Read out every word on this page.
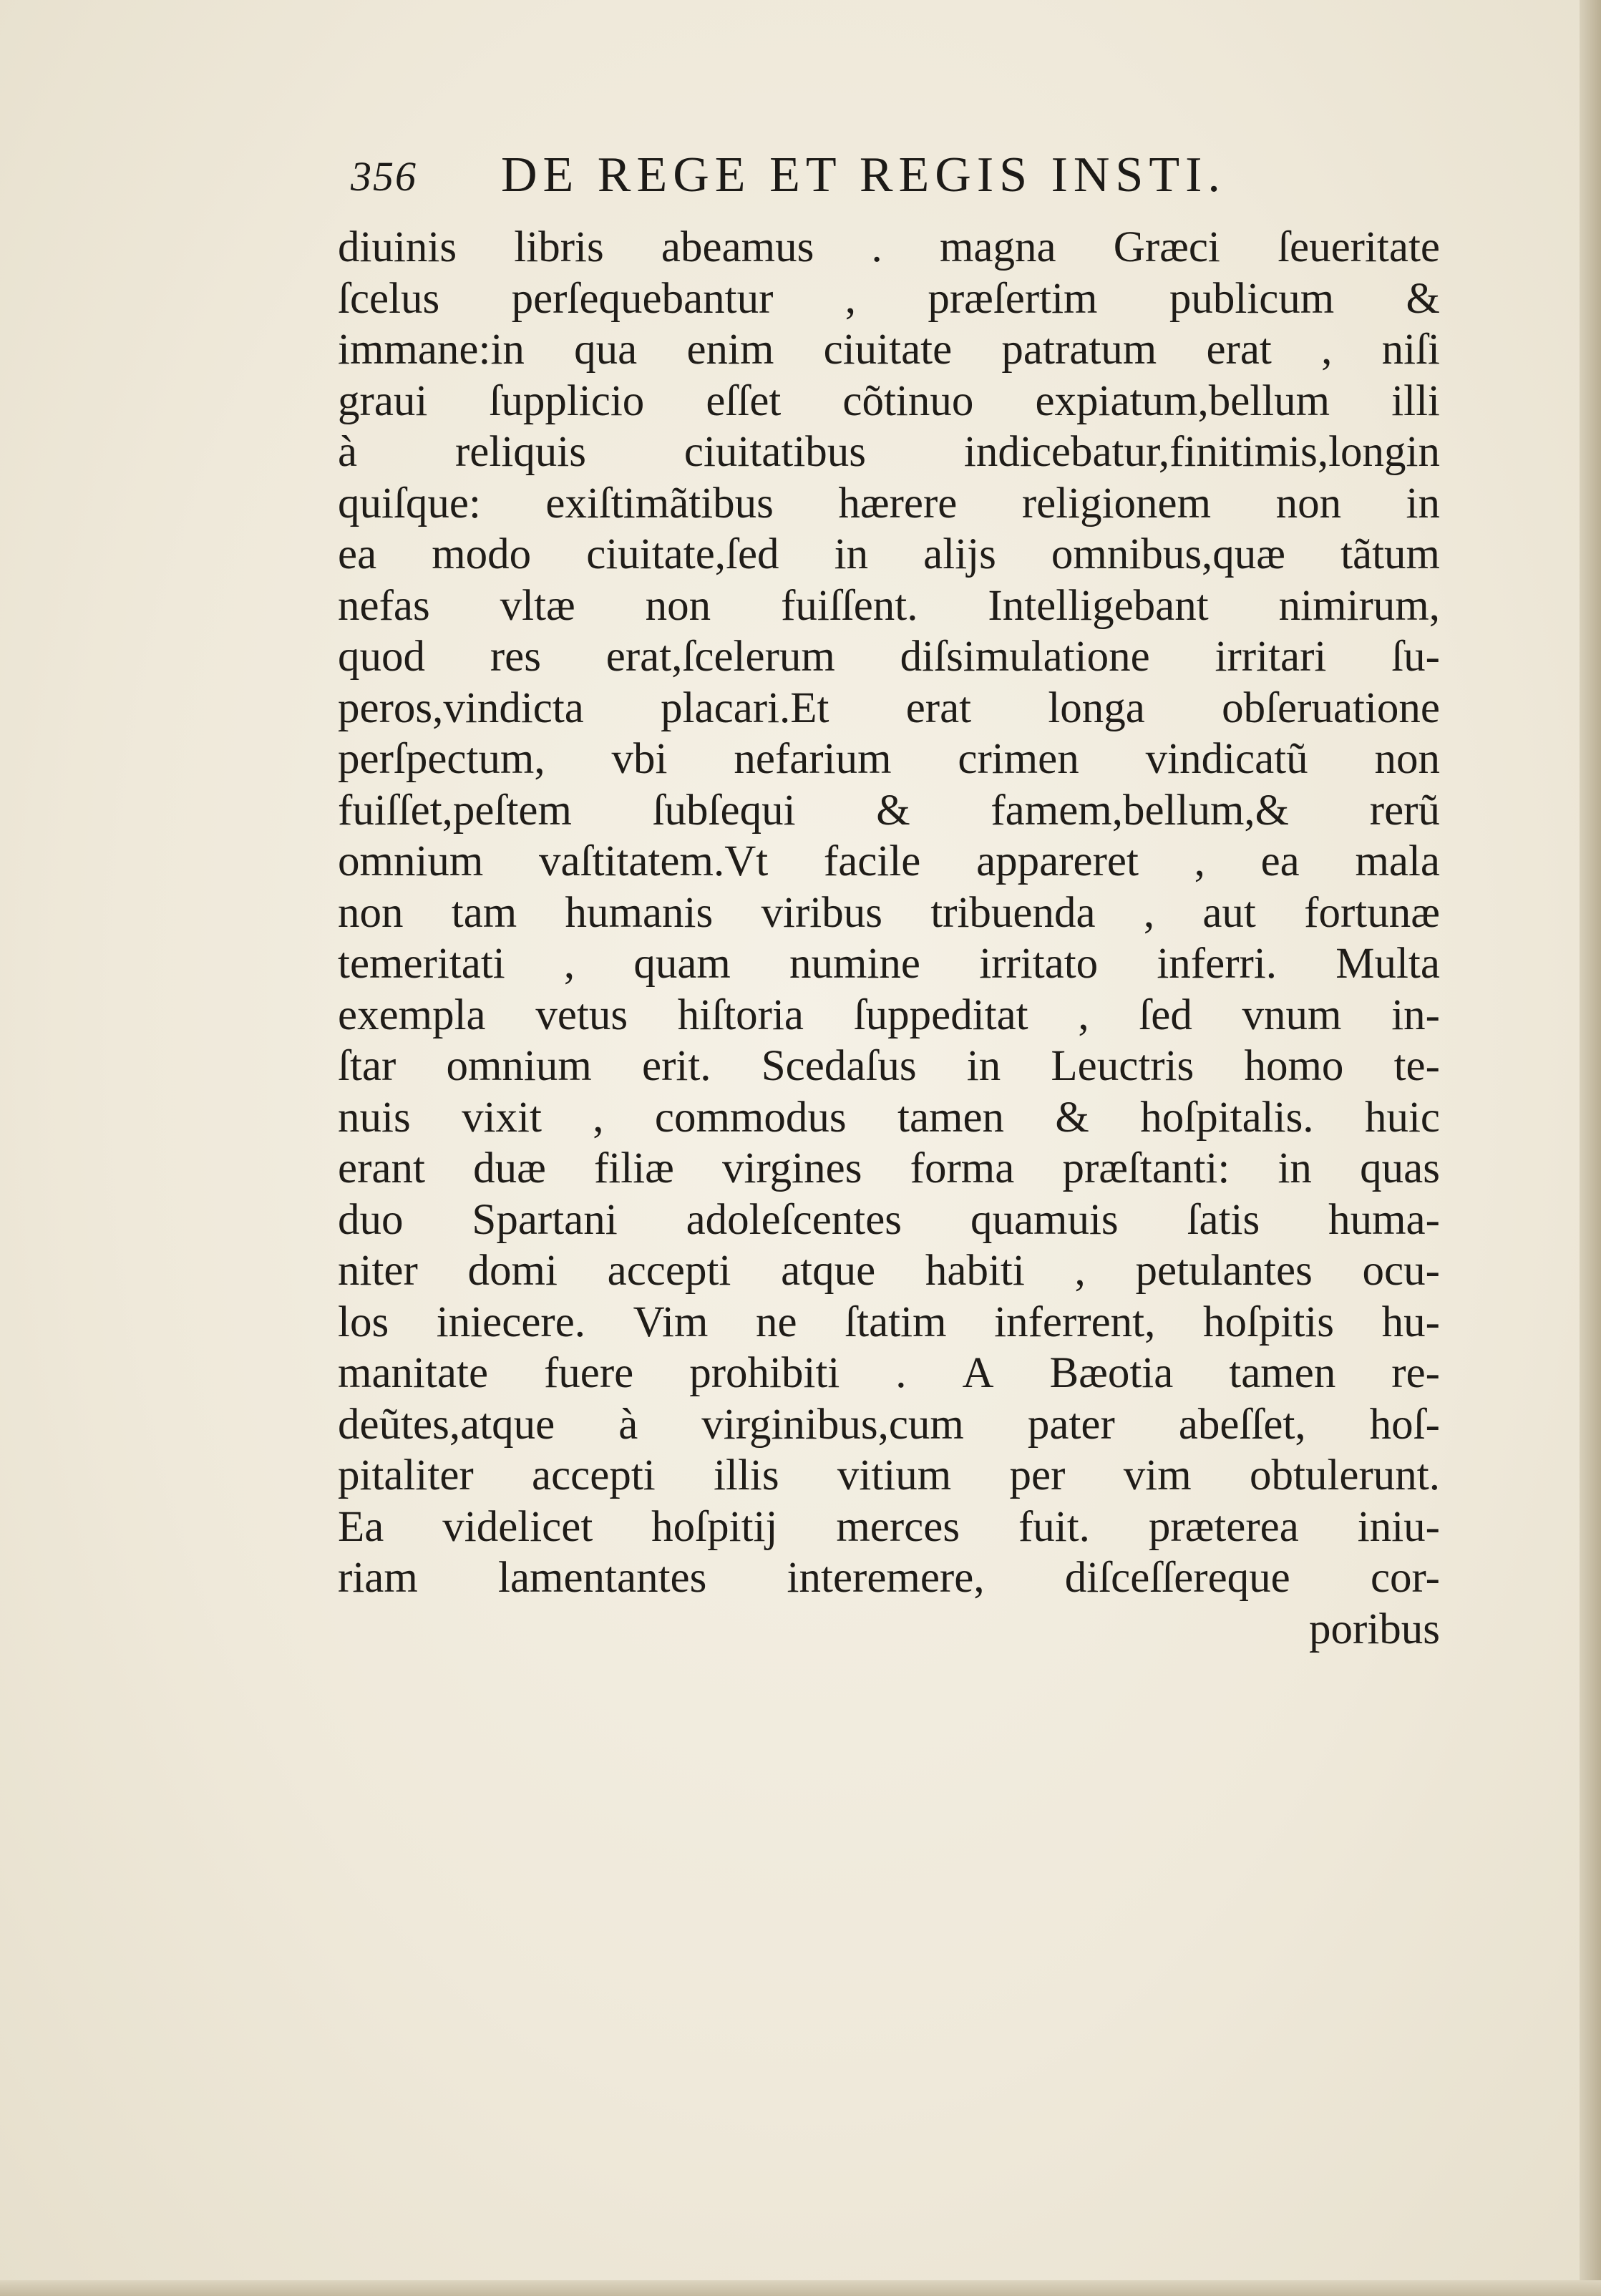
356 DE REGE ET REGIS INSTI.
diuinis libris abeamus . magna Græci ſeueritate
ſcelus perſequebantur , præſertim publicum &
immane:in qua enim ciuitate patratum erat , niſi
graui ſupplicio eſſet cõtinuo expiatum,bellum illi
à reliquis ciuitatibus indicebatur,finitimis,longin
quiſque: exiſtimãtibus hærere religionem non in
ea modo ciuitate,ſed in alijs omnibus,quæ tãtum
nefas vltæ non fuiſſent. Intelligebant nimirum,
quod res erat,ſcelerum diſsimulatione irritari ſu-
peros,vindicta placari.Et erat longa obſeruatione
perſpectum, vbi nefarium crimen vindicatũ non
fuiſſet,peſtem ſubſequi & famem,bellum,& rerũ
omnium vaſtitatem.Vt facile appareret , ea mala
non tam humanis viribus tribuenda , aut fortunæ
temeritati , quam numine irritato inferri. Multa
exempla vetus hiſtoria ſuppeditat , ſed vnum in-
ſtar omnium erit. Scedaſus in Leuctris homo te-
nuis vixit , commodus tamen & hoſpitalis. huic
erant duæ filiæ virgines forma præſtanti: in quas
duo Spartani adoleſcentes quamuis ſatis huma-
niter domi accepti atque habiti , petulantes ocu-
los iniecere. Vim ne ſtatim inferrent, hoſpitis hu-
manitate fuere prohibiti . A Bæotia tamen re-
deũtes,atque à virginibus,cum pater abeſſet, hoſ-
pitaliter accepti illis vitium per vim obtulerunt.
Ea videlicet hoſpitij merces fuit. præterea iniu-
riam lamentantes interemere, diſceſſereque cor-
poribus
